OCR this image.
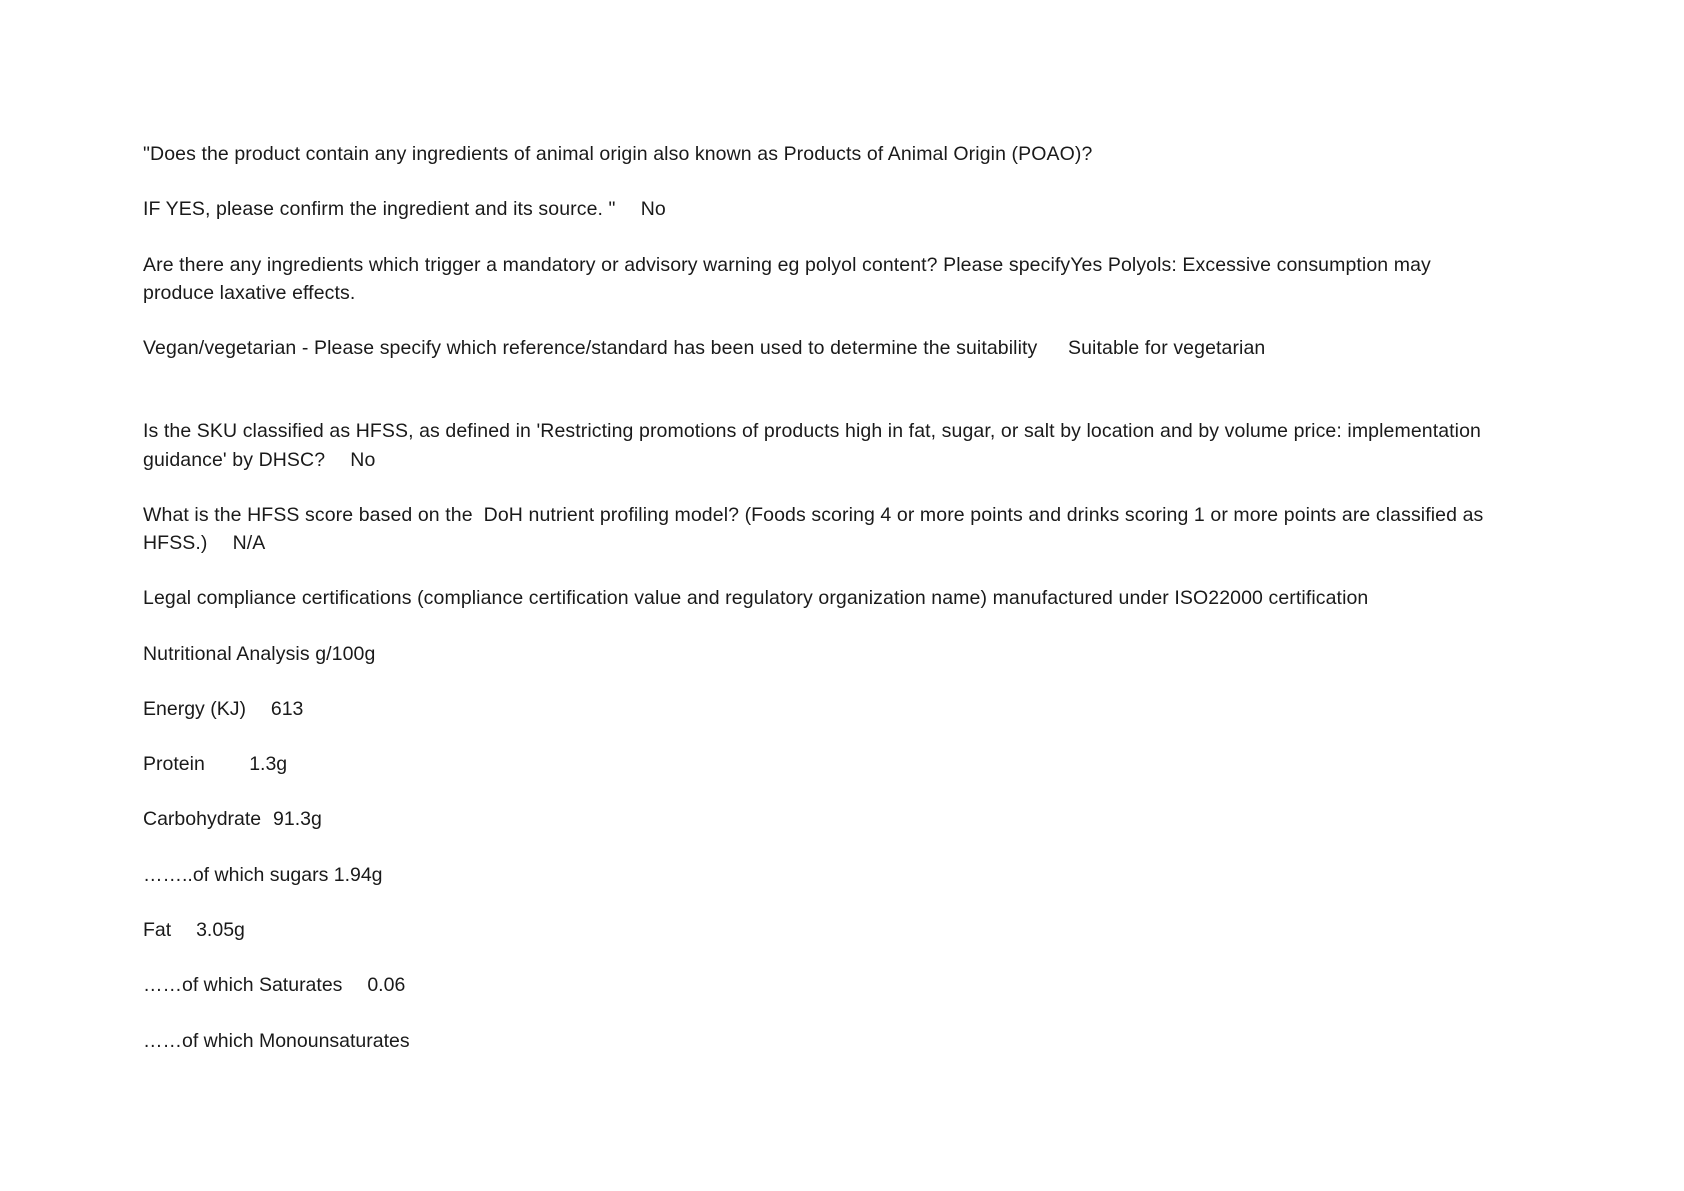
"Does the product contain any ingredients of animal origin also known as Products of Animal Origin (POAO)?

IF YES, please confirm the ingredient and its source. "  No

Are there any ingredients which trigger a mandatory or advisory warning eg polyol content? Please specifyYes Polyols: Excessive consumption may produce laxative effects.

Vegan/vegetarian - Please specify which reference/standard has been used to determine the suitability   Suitable for vegetarian

Is the SKU classified as HFSS, as defined in 'Restricting promotions of products high in fat, sugar, or salt by location and by volume price: implementation guidance' by DHSC?  No

What is the HFSS score based on the  DoH nutrient profiling model? (Foods scoring 4 or more points and drinks scoring 1 or more points are classified as HFSS.)  N/A

Legal compliance certifications (compliance certification value and regulatory organization name) manufactured under ISO22000 certification

Nutritional Analysis g/100g

Energy (KJ)  613

Protein   1.3g

Carbohydrate	91.3g

……..of which sugars 1.94g

Fat  3.05g

……of which Saturates  0.06

……of which Monounsaturates
